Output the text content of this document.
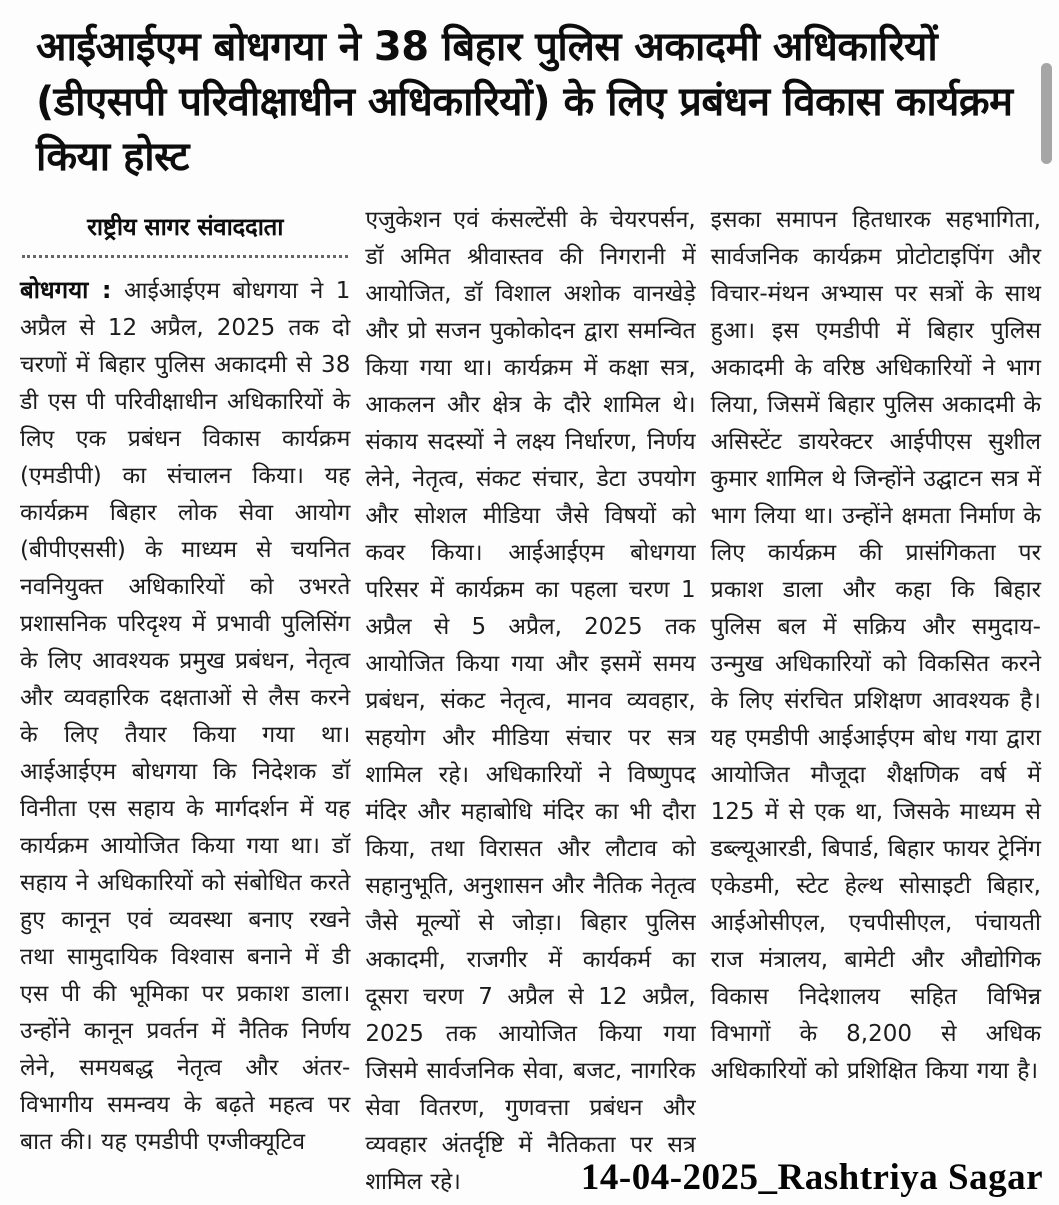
आईआईएम बोधगया ने 38 बिहार पुलिस अकादमी अधिकारियों (डीएसपी परिवीक्षाधीन अधिकारियों) के लिए प्रबंधन विकास कार्यक्रम किया होस्ट
राष्ट्रीय सागर संवाददाता

बोधगया : आईआईएम बोधगया ने 1 अप्रैल से 12 अप्रैल, 2025 तक दो चरणों में बिहार पुलिस अकादमी से 38 डी एस पी परिवीक्षाधीन अधिकारियों के लिए एक प्रबंधन विकास कार्यक्रम (एमडीपी) का संचालन किया। यह कार्यक्रम बिहार लोक सेवा आयोग (बीपीएससी) के माध्यम से चयनित नवनियुक्त अधिकारियों को उभरते प्रशासनिक परिदृश्य में प्रभावी पुलिसिंग के लिए आवश्यक प्रमुख प्रबंधन, नेतृत्व और व्यवहारिक दक्षताओं से लैस करने के लिए तैयार किया गया था। आईआईएम बोधगया कि निदेशक डॉ विनीता एस सहाय के मार्गदर्शन में यह कार्यक्रम आयोजित किया गया था। डॉ सहाय ने अधिकारियों को संबोधित करते हुए कानून एवं व्यवस्था बनाए रखने तथा सामुदायिक विश्वास बनाने में डी एस पी की भूमिका पर प्रकाश डाला। उन्होंने कानून प्रवर्तन में नैतिक निर्णय लेने, समयबद्ध नेतृत्व और अंतर-विभागीय समन्वय के बढ़ते महत्व पर बात की। यह एमडीपी एग्जीक्यूटिव

एजुकेशन एवं कंसल्टेंसी के चेयरपर्सन, डॉ अमित श्रीवास्तव की निगरानी में आयोजित, डॉ विशाल अशोक वानखेड़े और प्रो सजन पुकोकोदन द्वारा समन्वित किया गया था। कार्यक्रम में कक्षा सत्र, आकलन और क्षेत्र के दौरे शामिल थे। संकाय सदस्यों ने लक्ष्य निर्धारण, निर्णय लेने, नेतृत्व, संकट संचार, डेटा उपयोग और सोशल मीडिया जैसे विषयों को कवर किया। आईआईएम बोधगया परिसर में कार्यक्रम का पहला चरण 1 अप्रैल से 5 अप्रैल, 2025 तक आयोजित किया गया और इसमें समय प्रबंधन, संकट नेतृत्व, मानव व्यवहार, सहयोग और मीडिया संचार पर सत्र शामिल रहे। अधिकारियों ने विष्णुपद मंदिर और महाबोधि मंदिर का भी दौरा किया, तथा विरासत और लौटाव को सहानुभूति, अनुशासन और नैतिक नेतृत्व जैसे मूल्यों से जोड़ा। बिहार पुलिस अकादमी, राजगीर में कार्यकर्म का दूसरा चरण 7 अप्रैल से 12 अप्रैल, 2025 तक आयोजित किया गया जिसमे सार्वजनिक सेवा, बजट, नागरिक सेवा वितरण, गुणवत्ता प्रबंधन और व्यवहार अंतर्दृष्टि में नैतिकता पर सत्र शामिल रहे।

इसका समापन हितधारक सहभागिता, सार्वजनिक कार्यक्रम प्रोटोटाइपिंग और विचार-मंथन अभ्यास पर सत्रों के साथ हुआ। इस एमडीपी में बिहार पुलिस अकादमी के वरिष्ठ अधिकारियों ने भाग लिया, जिसमें बिहार पुलिस अकादमी के असिस्टेंट डायरेक्टर आईपीएस सुशील कुमार शामिल थे जिन्होंने उद्घाटन सत्र में भाग लिया था। उन्होंने क्षमता निर्माण के लिए कार्यक्रम की प्रासंगिकता पर प्रकाश डाला और कहा कि बिहार पुलिस बल में सक्रिय और समुदाय-उन्मुख अधिकारियों को विकसित करने के लिए संरचित प्रशिक्षण आवश्यक है। यह एमडीपी आईआईएम बोध गया द्वारा आयोजित मौजूदा शैक्षणिक वर्ष में 125 में से एक था, जिसके माध्यम से डब्ल्यूआरडी, बिपार्ड, बिहार फायर ट्रेनिंग एकेडमी, स्टेट हेल्थ सोसाइटी बिहार, आईओसीएल, एचपीसीएल, पंचायती राज मंत्रालय, बामेटी और औद्योगिक विकास निदेशालय सहित विभिन्न विभागों के 8,200 से अधिक अधिकारियों को प्रशिक्षित किया गया है।

14-04-2025_Rashtriya Sagar
